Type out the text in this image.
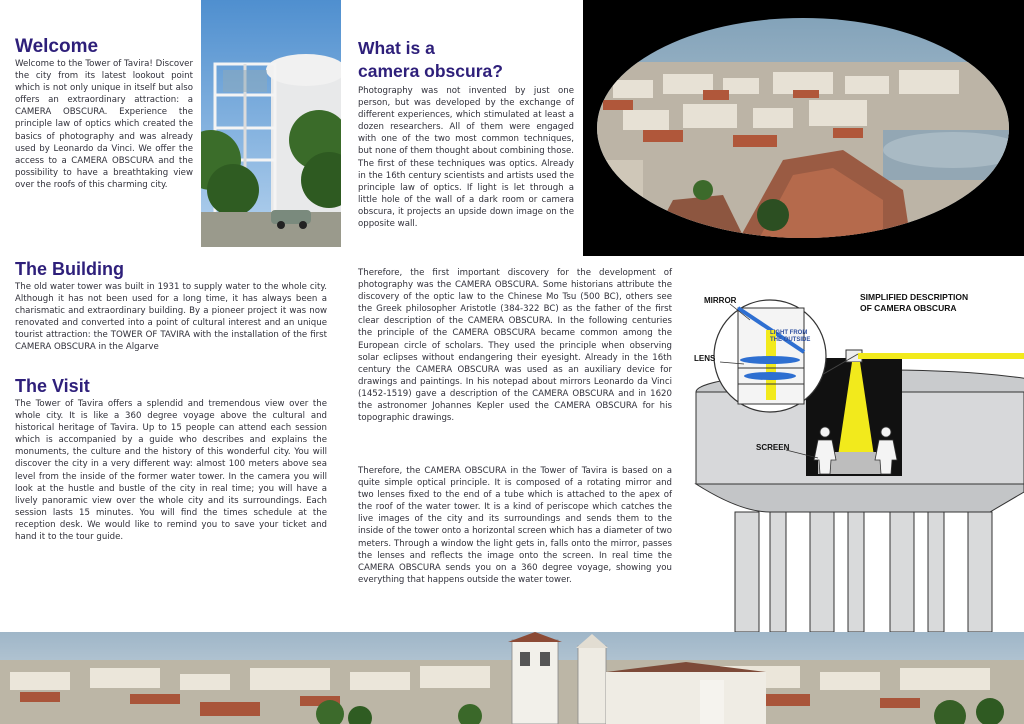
Welcome

Welcome to the Tower of Tavira! Discover the city from its latest lookout point which is not only unique in itself but also offers an extraordinary attraction: a CAMERA OBSCURA. Experience the principle law of optics which created the basics of photography and was already used by Leonardo da Vinci. We offer the access to a CAMERA OBSCURA and the possibility to have a breathtaking view over the roofs of this charming city.

What is a
camera obscura?

Photography was not invented by just one person, but was developed by the exchange of different experiences, which stimulated at least a dozen researchers. All of them were engaged with one of the two most common techniques, but none of them thought about combining those. The first of these techniques was optics. Already in the 16th century scientists and artists used the principle law of optics. If light is let through a little hole of the wall of a dark room or camera obscura, it projects an upside down image on the opposite wall.

The Building

The old water tower was built in 1931 to supply water to the whole city. Although it has not been used for a long time, it has always been a charismatic and extraordinary building. By a pioneer project it was now renovated and converted into a point of cultural interest and an unique tourist attraction: the TOWER OF TAVIRA with the installation of the first CAMERA OBSCURA in the Algarve

The Visit

The Tower of Tavira offers a splendid and tremendous view over the whole city. It is like a 360 degree voyage above the cultural and historical heritage of Tavira. Up to 15 people can attend each session which is accompanied by a guide who describes and explains the monuments, the culture and the history of this wonderful city. You will discover the city in a very different way: almost 100 meters above sea level from the inside of the former water tower. In the camera you will look at the hustle and bustle of the city in real time; you will have a lively panoramic view over the whole city and its surroundings. Each session lasts 15 minutes. You will find the times schedule at the reception desk. We would like to remind you to save your ticket and hand it to the tour guide.

Therefore, the first important discovery for the development of photography was the CAMERA OBSCURA. Some historians attribute the discovery of the optic law to the Chinese Mo Tsu (500 BC), others see the Greek philosopher Aristotle (384-322 BC) as the father of the first clear description of the CAMERA OBSCURA. In the following centuries the principle of the CAMERA OBSCURA became common among the European circle of scholars. They used the principle when observing solar eclipses without endangering their eyesight. Already in the 16th century the CAMERA OBSCURA was used as an auxiliary device for drawings and paintings. In his notepad about mirrors Leonardo da Vinci (1452-1519) gave a description of the CAMERA OBSCURA and in 1620 the astronomer Johannes Kepler used the CAMERA OBSCURA for his topographic drawings.

Therefore, the CAMERA OBSCURA in the Tower of Tavira is based on a quite simple optical principle. It is composed of a rotating mirror and two lenses fixed to the end of a tube which is attached to the apex of the roof of the water tower. It is a kind of periscope which catches the live images of the city and its surroundings and sends them to the inside of the tower onto a horizontal screen which has a diameter of two meters. Through a window the light gets in, falls onto the mirror, passes the lenses and reflects the image onto the screen. In real time the CAMERA OBSCURA sends you on a 360 degree voyage, showing you everything that happens outside the water tower.

SIMPLIFIED DESCRIPTION
OF CAMERA OBSCURA
MIRROR
LENS
SCREEN
LIGHT FROM
THE OUTSIDE
